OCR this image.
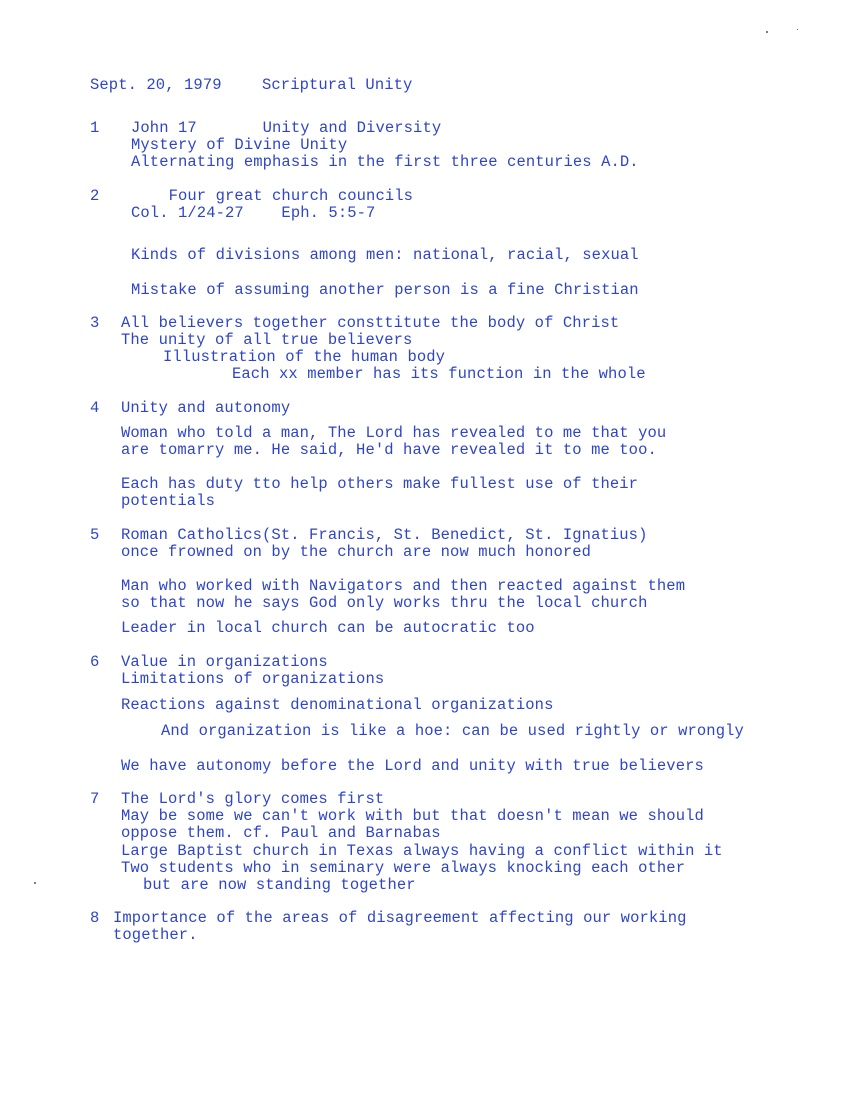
Sept. 20, 1979	Scriptural Unity
1 John 17       Unity and Diversity
Mystery of Divine Unity
Alternating emphasis in the first three centuries A.D.
2 Four great church councils
Col. 1/24-27    Eph. 5:5-7
Kinds of divisions among men: national, racial, sexual
Mistake of assuming another person is a fine Christian
3 All believers together consttitute the body of Christ
The unity of all true believers
Illustration of the human body
Each xx member has its function in the whole
4 Unity and autonomy
Woman who told a man, The Lord has revealed to me that you
are tomarry me. He said, He'd have revealed it to me too.
Each has duty tto help others make fullest use of their
potentials
5 Roman Catholics(St. Francis, St. Benedict, St. Ignatius)
once frowned on by the church are now much honored
Man who worked with Navigators and then reacted against them
so that now he says God only works thru the local church
Leader in local church can be autocratic too
6 Value in organizations
Limitations of organizations
Reactions against denominational organizations
And organization is like a hoe: can be used rightly or wrongly
We have autonomy before the Lord and unity with true believers
7 The Lord's glory comes first
May be some we can't work with but that doesn't mean we should
oppose them. cf. Paul and Barnabas
Large Baptist church in Texas always having a conflict within it
Two students who in seminary were always knocking each other
but are now standing together
8 Importance of the areas of disagreement affecting our working
together.
